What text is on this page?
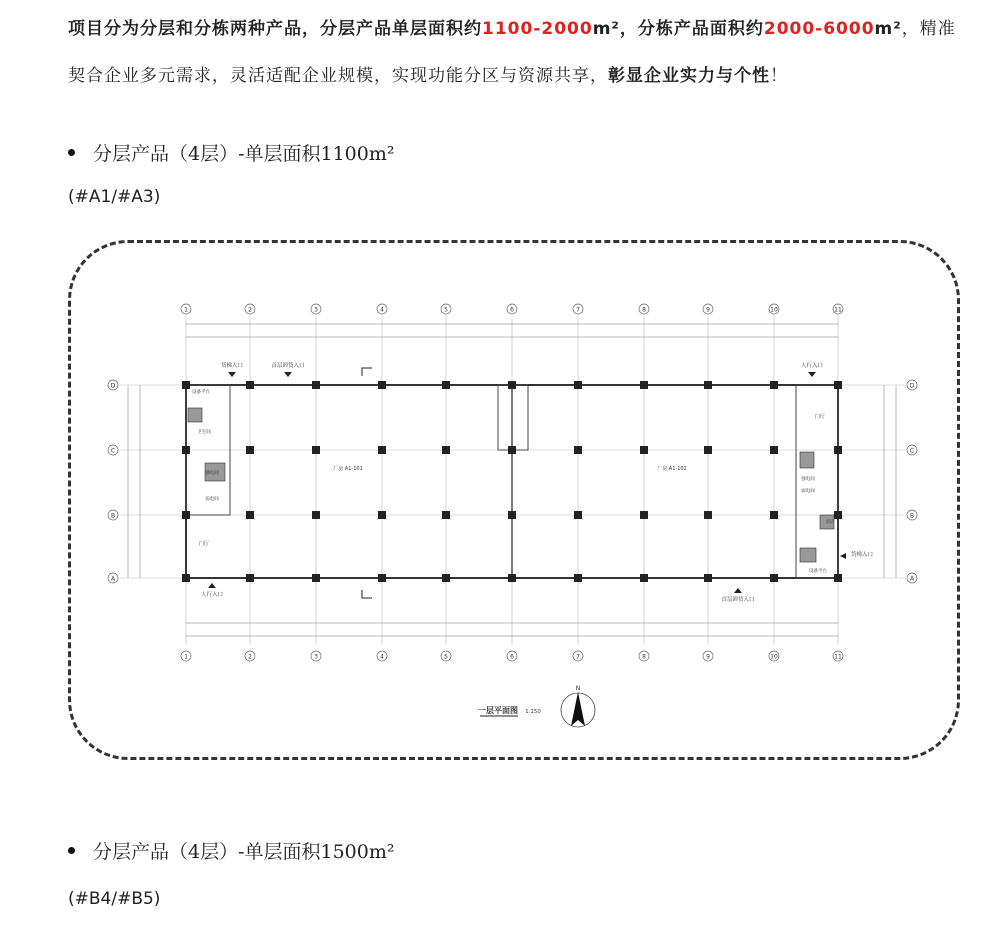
项目分为分层和分栋两种产品，分层产品单层面积约1100-2000m²，分栋产品面积约2000-6000m²，精准
契合企业多元需求，灵活适配企业规模，实现功能分区与资源共享，彰显企业实力与个性！
分层产品（4层）-单层面积1100m²
(#A1/#A3)
1
1
2
2
3
3
4
4
5
5
6
6
7
7
8
8
9
9
10
10
11
11
D	D
C	C
B	B
A	A
货梯入口	首层卸货入口	人行入口
人行入口
首层卸货入口
货梯入口
门厅
门厅
设备平台
设备平台
卫生间
强电间
弱电间
强电间
弱电间
清洁
厂房 A1-101	厂房 A1-102
一层平面图 1:150
N
分层产品（4层）-单层面积1500m²
(#B4/#B5)
